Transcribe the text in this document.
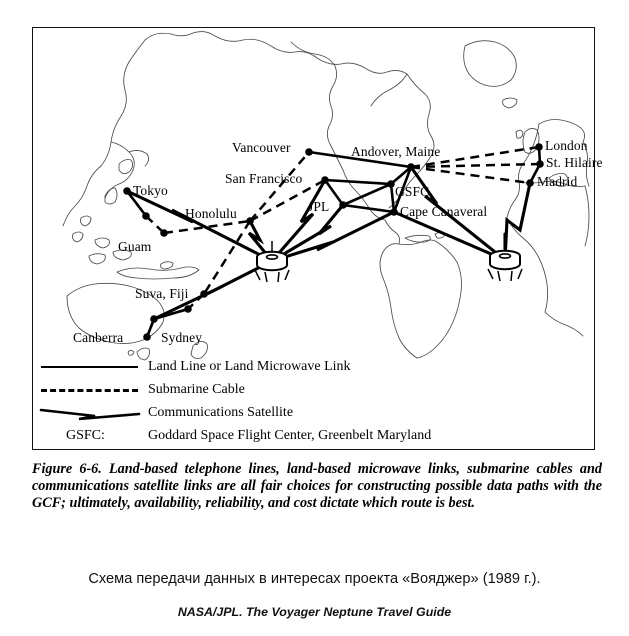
Tokyo
Guam
Honolulu
Vancouver
San Francisco
JPL
Andover, Maine
GSFC
Cape Canaveral
London
St. Hilaire
Madrid
Suva, Fiji
Sydney
Canberra
Land Line or Land Microwave Link
Submarine Cable
Communications Satellite
GSFC:	Goddard Space Flight Center, Greenbelt Maryland
Figure 6-6. Land-based telephone lines, land-based microwave links, submarine cables and communications satellite links are all fair choices for constructing possible data paths with the GCF; ultimately, availability, reliability, and cost dictate which route is best.
Схема передачи данных в интересах проекта «Вояджер» (1989 г.).
NASA/JPL. The Voyager Neptune Travel Guide
